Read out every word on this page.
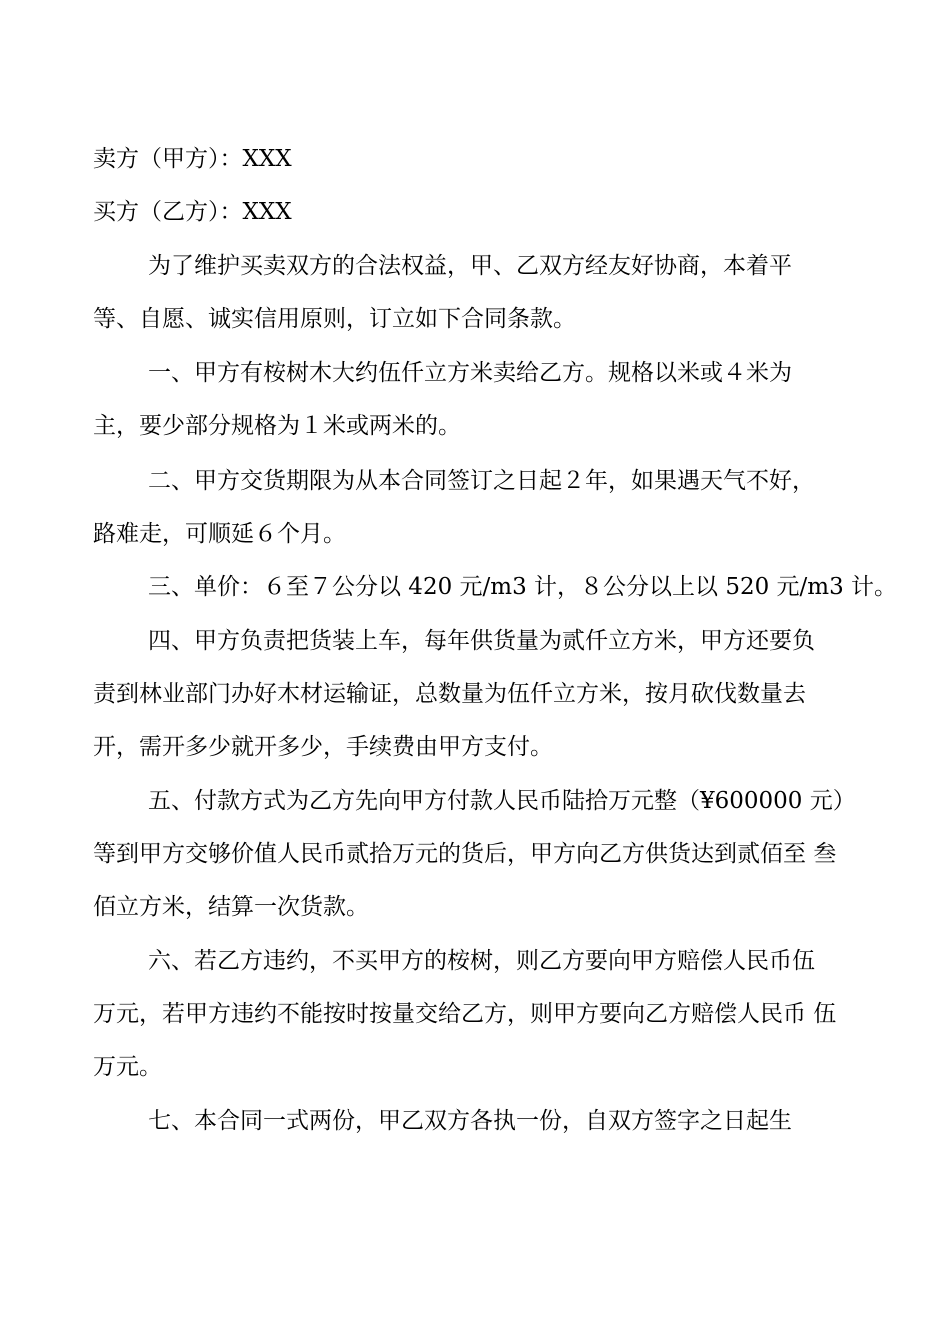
卖方（甲方）：XXX
买方（乙方）：XXX
为了维护买卖双方的合法权益，甲、乙双方经友好协商，本着平
等、自愿、诚实信用原则，订立如下合同条款。
一、甲方有桉树木大约伍仟立方米卖给乙方。规格以米或４米为
主，要少部分规格为１米或两米的。
二、甲方交货期限为从本合同签订之日起２年，如果遇天气不好，
路难走，可顺延６个月。
三、单价：６至７公分以 420 元/m3 计，８公分以上以 520 元/m3 计。
四、甲方负责把货装上车，每年供货量为贰仟立方米，甲方还要负
责到林业部门办好木材运输证，总数量为伍仟立方米，按月砍伐数量去
开，需开多少就开多少，手续费由甲方支付。
五、付款方式为乙方先向甲方付款人民币陆拾万元整（¥600000 元）
等到甲方交够价值人民币贰拾万元的货后，甲方向乙方供货达到贰佰至 叁
佰立方米，结算一次货款。
六、若乙方违约，不买甲方的桉树，则乙方要向甲方赔偿人民币伍
万元，若甲方违约不能按时按量交给乙方，则甲方要向乙方赔偿人民币 伍
万元。
七、本合同一式两份，甲乙双方各执一份，自双方签字之日起生
